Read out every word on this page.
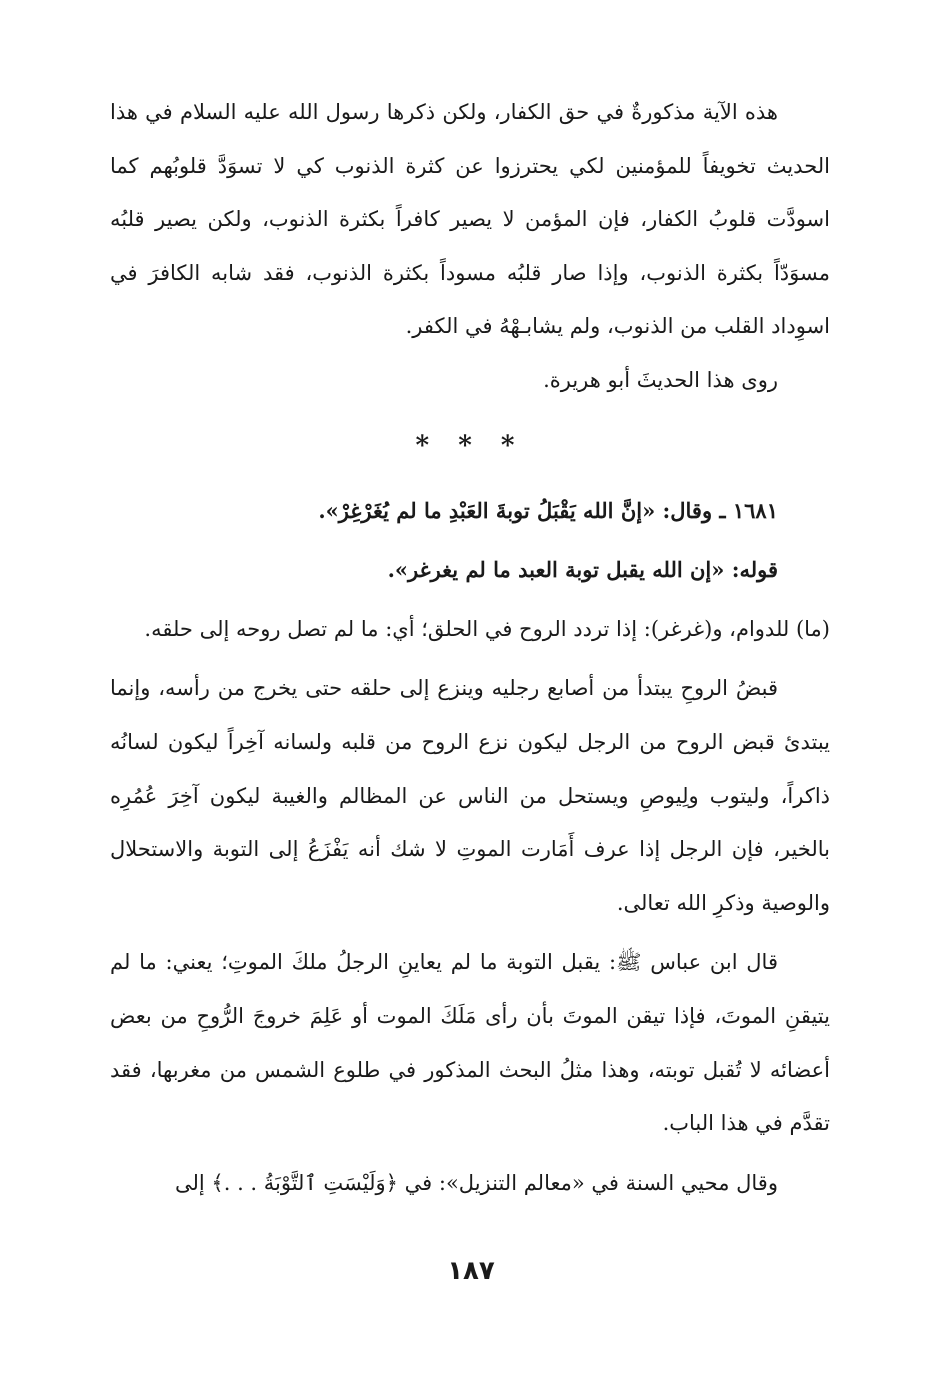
هذه الآية مذكورةٌ في حق الكفار، ولكن ذكرها رسول الله عليه السلام في هذا الحديث تخويفاً للمؤمنين لكي يحترزوا عن كثرة الذنوب كي لا تسوَدَّ قلوبُهم كما اسودَّت قلوبُ الكفار، فإن المؤمن لا يصير كافراً بكثرة الذنوب، ولكن يصير قلبُه مسوَدّاً بكثرة الذنوب، وإذا صار قلبُه مسوداً بكثرة الذنوب، فقد شابه الكافرَ في اسوِداد القلب من الذنوب، ولم يشابـهْهُ في الكفر.

روى هذا الحديثَ أبو هريرة.

* * *

١٦٨١ ـ وقال: «إنَّ الله يَقْبَلُ توبةَ العَبْدِ ما لم يُغَرْغِرْ».

قوله: «إن الله يقبل توبة العبد ما لم يغرغر».

(ما) للدوام، و(غرغر): إذا تردد الروح في الحلق؛ أي: ما لم تصل روحه إلى حلقه.

قبضُ الروحِ يبتدأ من أصابع رجليه وينزع إلى حلقه حتى يخرج من رأسه، وإنما يبتدئ قبض الروح من الرجل ليكون نزع الروح من قلبه ولسانه آخِراً ليكون لسانُه ذاكراً، وليتوب ولِيوصِ ويستحل من الناس عن المظالم والغيبة ليكون آخِرَ عُمُرِه بالخير، فإن الرجل إذا عرف أَمَارت الموتِ لا شك أنه يَفْزَعُ إلى التوبة والاستحلال والوصية وذكرِ الله تعالى.

قال ابن عباس ﷺ: يقبل التوبة ما لم يعاينِ الرجلُ ملكَ الموتِ؛ يعني: ما لم يتيقنِ الموتَ، فإذا تيقن الموتَ بأن رأى مَلَكَ الموت أو عَلِمَ خروجَ الرُّوحِ من بعض أعضائه لا تُقبل توبته، وهذا مثلُ البحث المذكور في طلوع الشمس من مغربها، فقد تقدَّم في هذا الباب.

وقال محيي السنة في «معالم التنزيل»: في ﴿وَلَيْسَتِ ٱلتَّوْبَةُ . . .﴾ إلى

١٨٧
